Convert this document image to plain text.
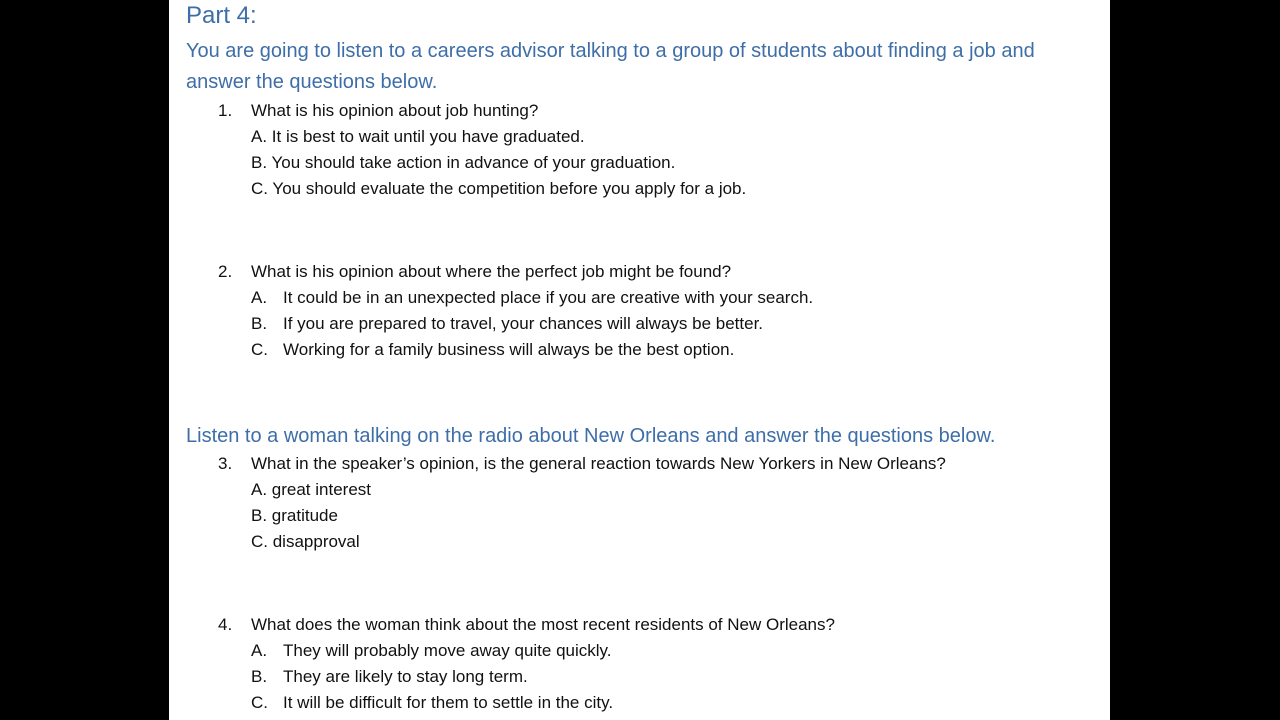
Part 4:
You are going to listen to a careers advisor talking to a group of students about finding a job and answer the questions below.
1.	What is his opinion about job hunting?
A. It is best to wait until you have graduated.
B. You should take action in advance of your graduation.
C. You should evaluate the competition before you apply for a job.
2.	What is his opinion about where the perfect job might be found?
A. It could be in an unexpected place if you are creative with your search.
B. If you are prepared to travel, your chances will always be better.
C. Working for a family business will always be the best option.
Listen to a woman talking on the radio about New Orleans and answer the questions below.
3.	What in the speaker’s opinion, is the general reaction towards New Yorkers in New Orleans?
A. great interest
B. gratitude
C. disapproval
4.	What does the woman think about the most recent residents of New Orleans?
A. They will probably move away quite quickly.
B. They are likely to stay long term.
C. It will be difficult for them to settle in the city.
